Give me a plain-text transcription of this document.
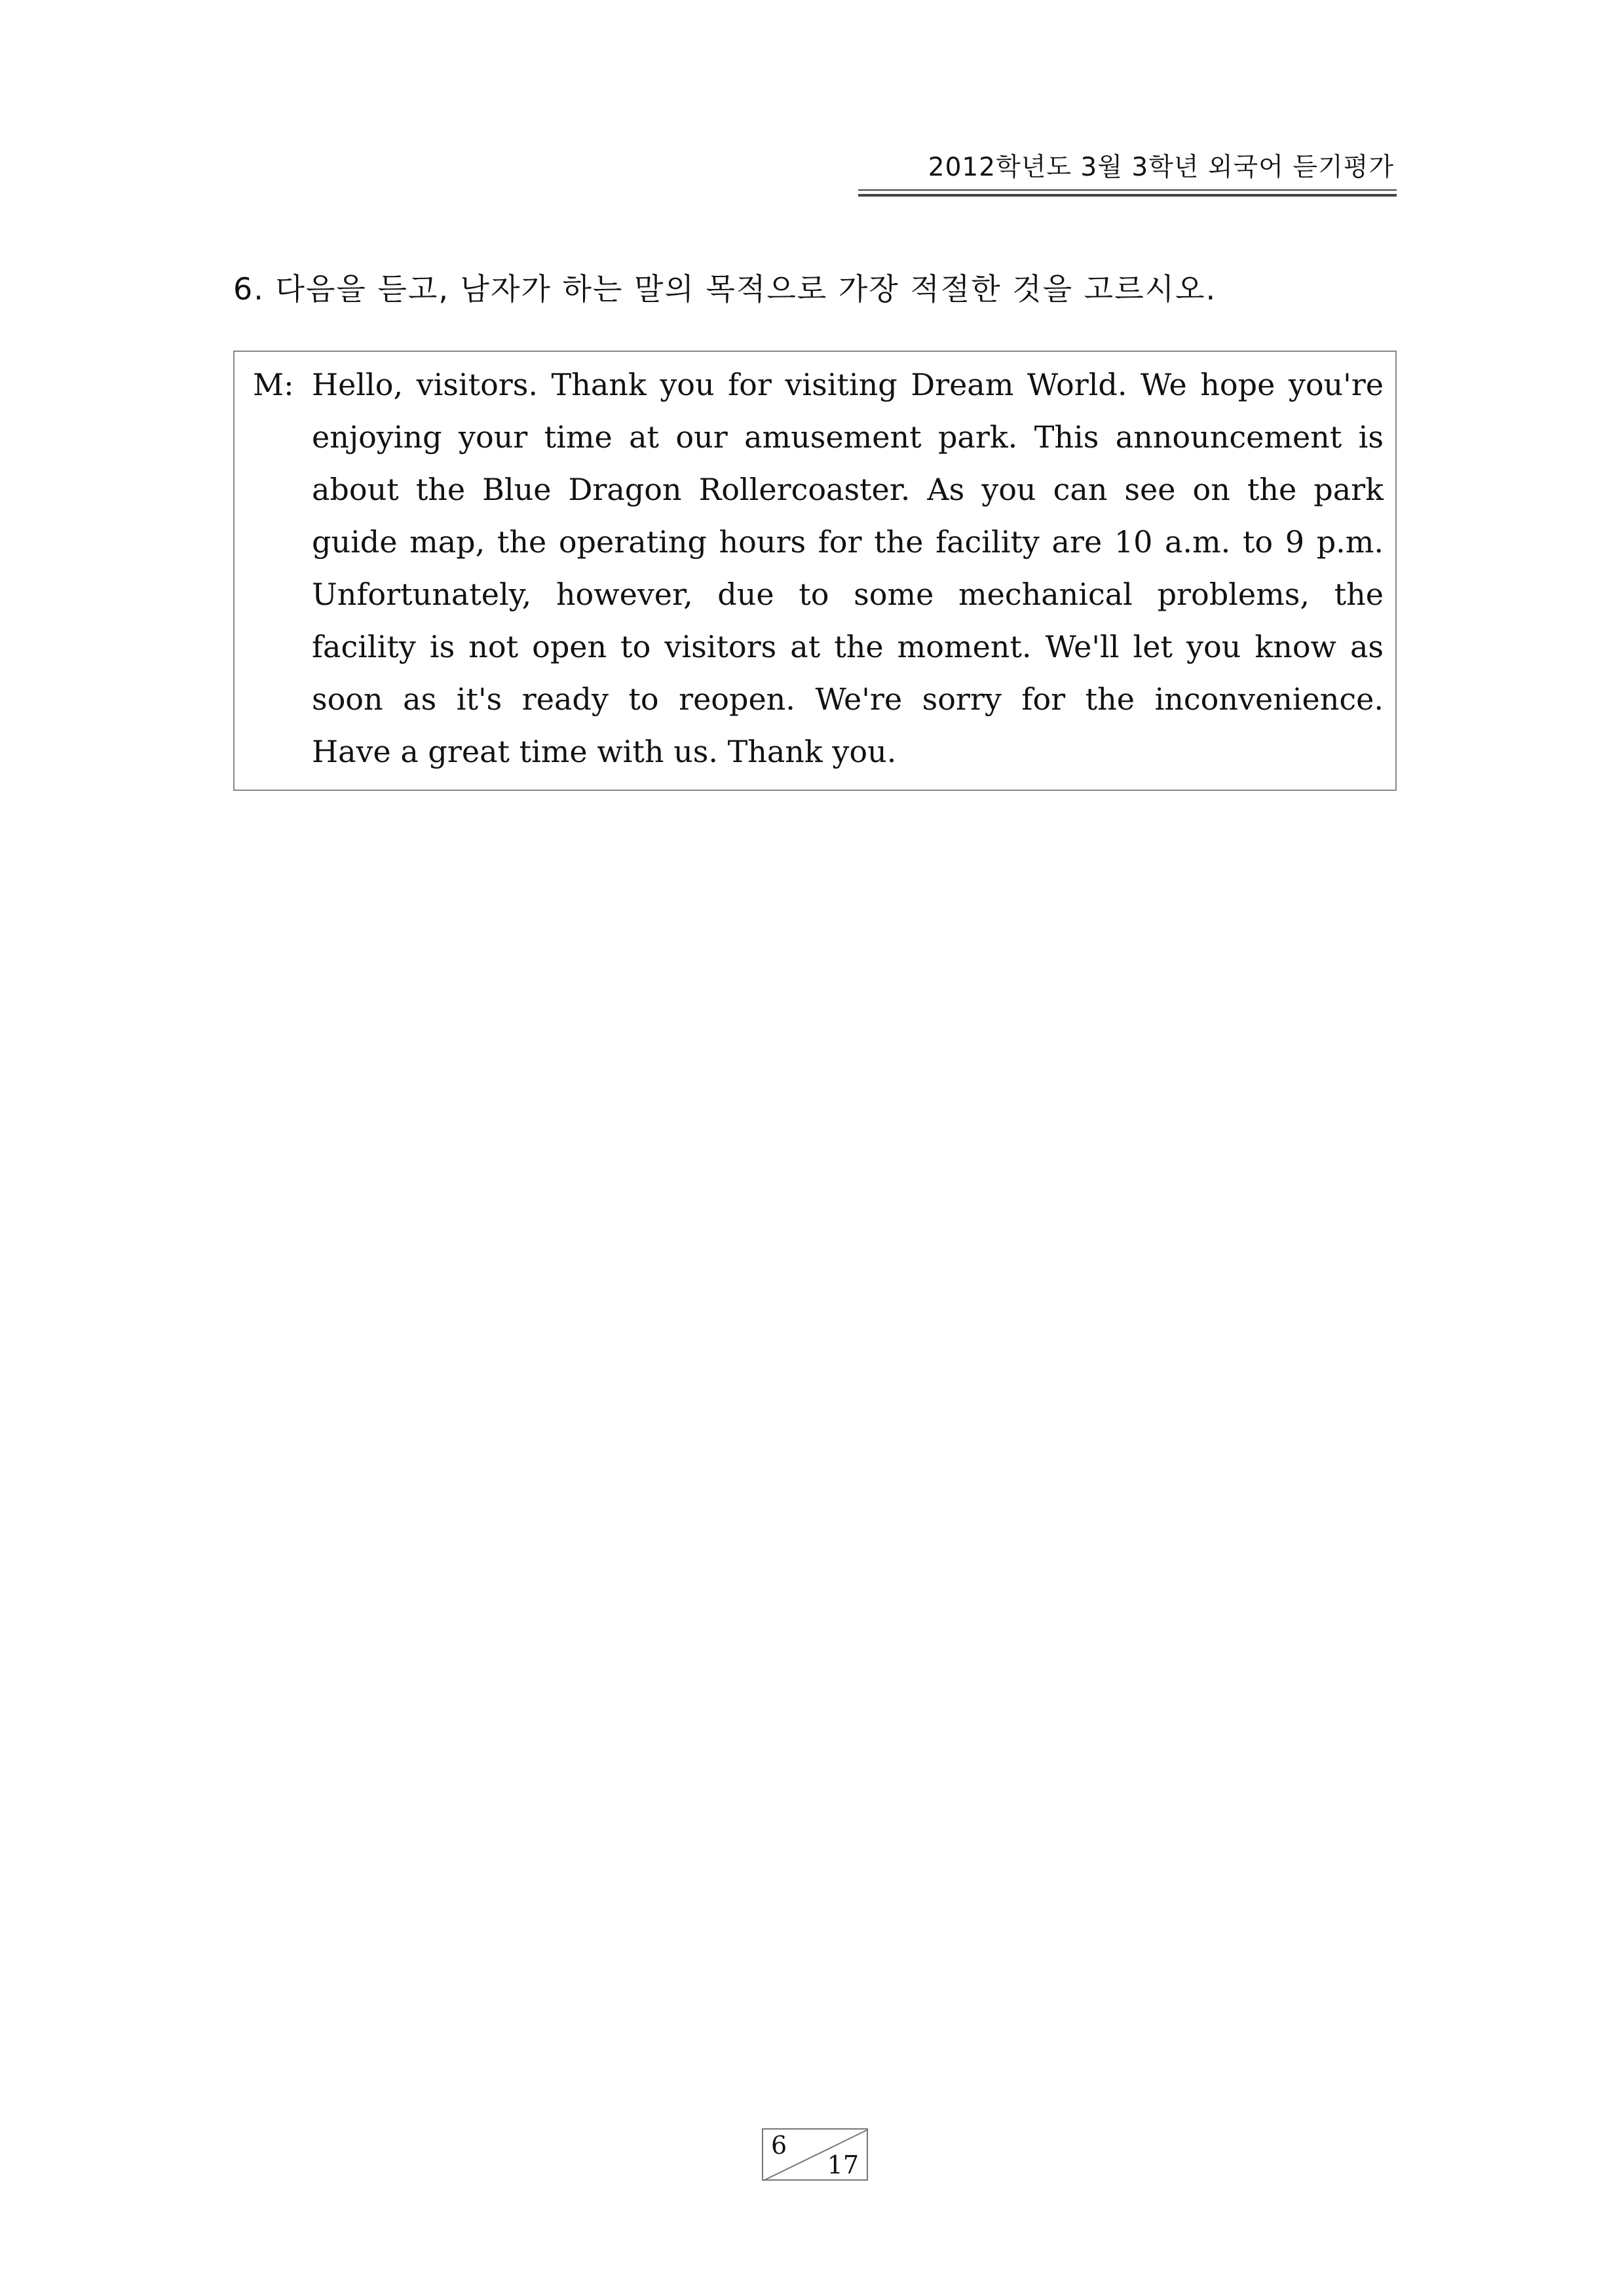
2012학년도 3월 3학년 외국어 듣기평가
6. 다음을 듣고, 남자가 하는 말의 목적으로 가장 적절한 것을 고르시오.
M: Hello, visitors. Thank you for visiting Dream World. We hope you're
enjoying your time at our amusement park. This announcement is
about the Blue Dragon Rollercoaster. As you can see on the park
guide map, the operating hours for the facility are 10 a.m. to 9 p.m.
Unfortunately, however, due to some mechanical problems, the
facility is not open to visitors at the moment. We'll let you know as
soon as it's ready to reopen. We're sorry for the inconvenience.
Have a great time with us. Thank you.
6
17
